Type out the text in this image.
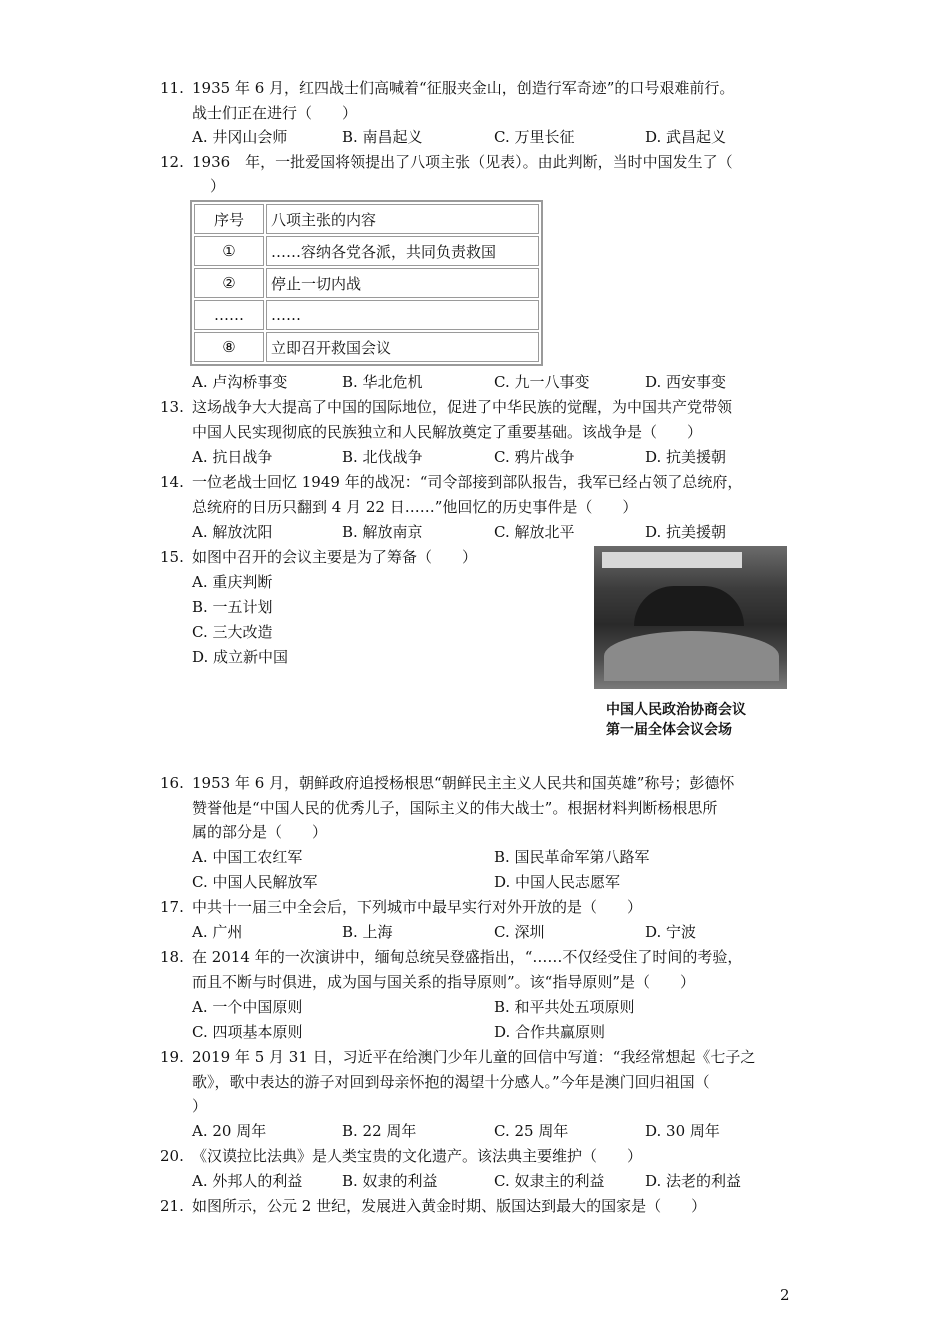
11. 1935 年 6 月，红四战士们高喊着“征服夹金山，创造行军奇迹”的口号艰难前行。
战士们正在进行（　　）
A. 井冈山会师	B. 南昌起义	C. 万里长征	D. 武昌起义
12. 1936　年，一批爱国将领提出了八项主张（见表）。由此判断，当时中国发生了（
）
序号	八项主张的内容
①	……容纳各党各派，共同负责救国
②	停止一切内战
……	……
⑧	立即召开救国会议
A. 卢沟桥事变	B. 华北危机	C. 九一八事变	D. 西安事变
13. 这场战争大大提高了中国的国际地位，促进了中华民族的觉醒，为中国共产党带领
中国人民实现彻底的民族独立和人民解放奠定了重要基础。该战争是（　　）
A. 抗日战争	B. 北伐战争	C. 鸦片战争	D. 抗美援朝
14. 一位老战士回忆 1949 年的战况：“司令部接到部队报告，我军已经占领了总统府，
总统府的日历只翻到 4 月 22 日……”他回忆的历史事件是（　　）
A. 解放沈阳	B. 解放南京	C. 解放北平	D. 抗美援朝
15. 如图中召开的会议主要是为了筹备（　　）
A. 重庆判断
B. 一五计划
C. 三大改造
D. 成立新中国
中国人民政治协商会议
第一届全体会议会场
16. 1953 年 6 月，朝鲜政府追授杨根思“朝鲜民主主义人民共和国英雄”称号；彭德怀
赞誉他是“中国人民的优秀儿子，国际主义的伟大战士”。根据材料判断杨根思所
属的部分是（　　）
A. 中国工农红军	B. 国民革命军第八路军
C. 中国人民解放军	D. 中国人民志愿军
17. 中共十一届三中全会后，下列城市中最早实行对外开放的是（　　）
A. 广州	B. 上海	C. 深圳	D. 宁波
18. 在 2014 年的一次演讲中，缅甸总统吴登盛指出，“……不仅经受住了时间的考验，
而且不断与时俱进，成为国与国关系的指导原则”。该“指导原则”是（　　）
A. 一个中国原则	B. 和平共处五项原则
C. 四项基本原则	D. 合作共赢原则
19. 2019 年 5 月 31 日，习近平在给澳门少年儿童的回信中写道：“我经常想起《七子之
歌》，歌中表达的游子对回到母亲怀抱的渴望十分感人。”今年是澳门回归祖国（
）
A. 20 周年	B. 22 周年	C. 25 周年	D. 30 周年
20. 《汉谟拉比法典》是人类宝贵的文化遗产。该法典主要维护（　　）
A. 外邦人的利益	B. 奴隶的利益	C. 奴隶主的利益	D. 法老的利益
21. 如图所示，公元 2 世纪，发展进入黄金时期、版国达到最大的国家是（　　）
2
